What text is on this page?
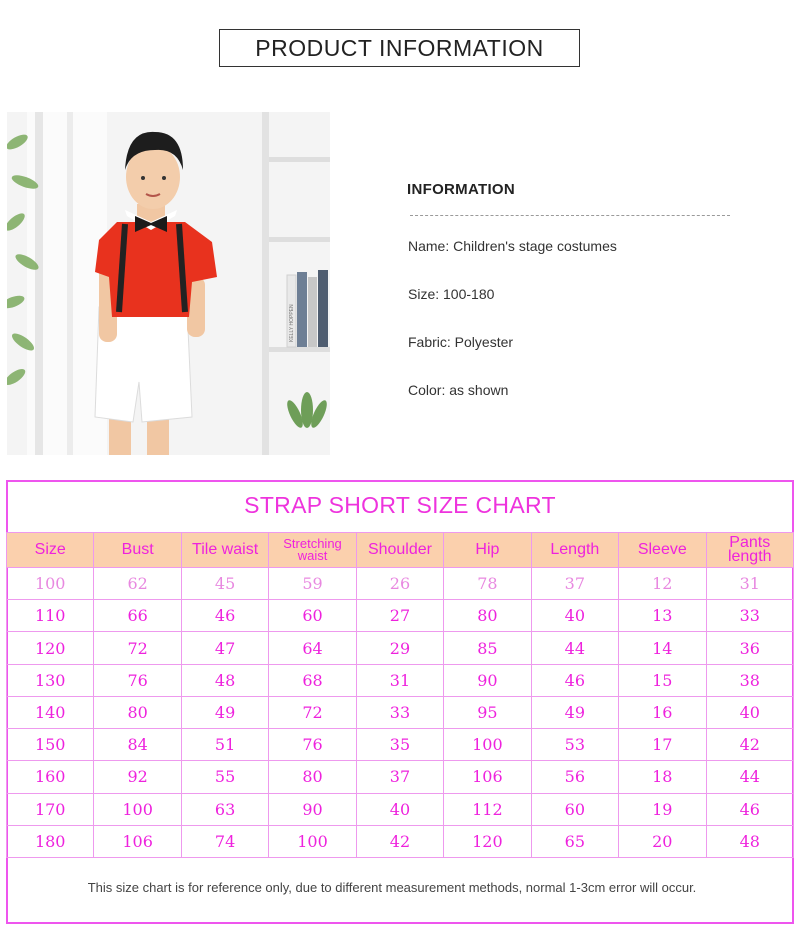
PRODUCT INFORMATION
KELLY HOPPEN
INFORMATION
Name: Children's stage costumes
Size: 100-180
Fabric: Polyester
Color: as shown
STRAP SHORT SIZE CHART
Size	Bust	Tile waist	Stretching waist	Shoulder	Hip	Length	Sleeve	Pants length
100	62	45	59	26	78	37	12	31
110	66	46	60	27	80	40	13	33
120	72	47	64	29	85	44	14	36
130	76	48	68	31	90	46	15	38
140	80	49	72	33	95	49	16	40
150	84	51	76	35	100	53	17	42
160	92	55	80	37	106	56	18	44
170	100	63	90	40	112	60	19	46
180	106	74	100	42	120	65	20	48
This size chart is for reference only, due to different measurement methods, normal 1-3cm error will occur.
